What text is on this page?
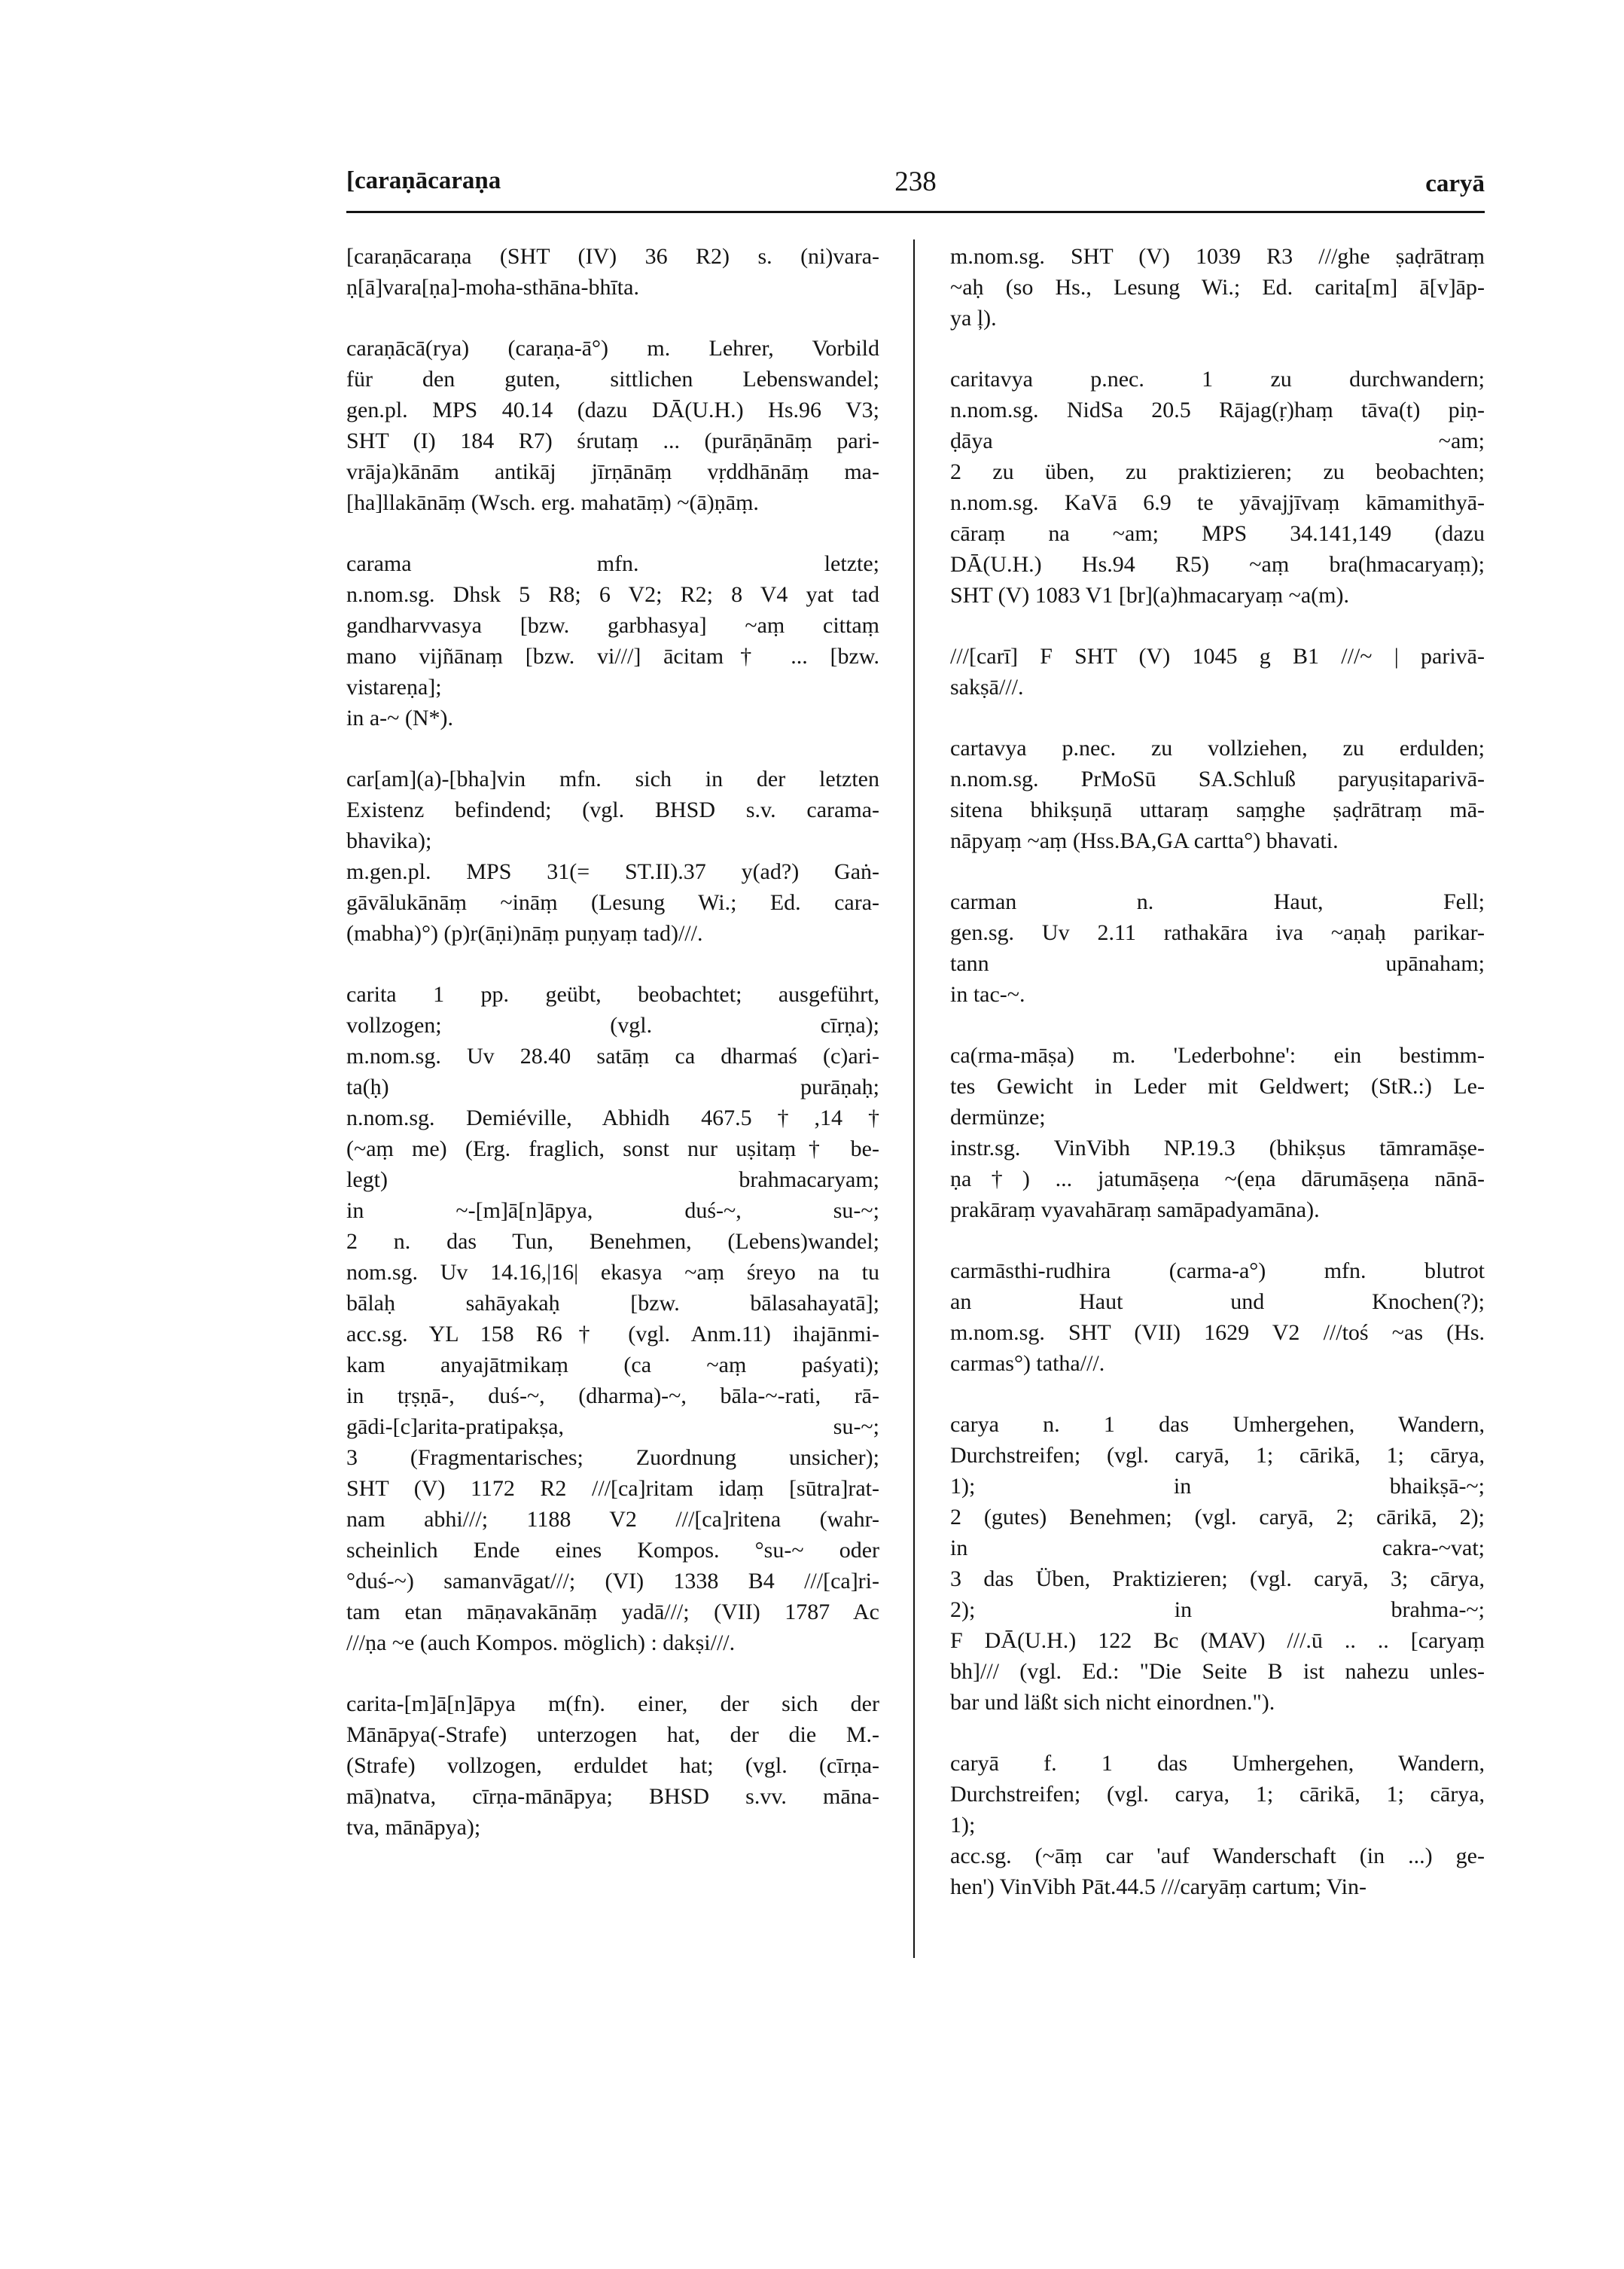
[caraṇācaraṇa	238	caryā
[caraṇācaraṇa (SHT (IV) 36 R2) s. (ni)vara-
ṇ[ā]vara[ṇa]-moha-sthāna-bhīta.
caraṇācā(rya) (caraṇa-ā°) m. Lehrer, Vorbild
für den guten, sittlichen Lebenswandel;
gen.pl. MPS 40.14 (dazu DĀ(U.H.) Hs.96 V3;
SHT (I) 184 R7) śrutaṃ ... (purāṇānāṃ pari-
vrāja)kānām antikāj jīrṇānāṃ vṛddhānāṃ ma-
[ha]llakānāṃ (Wsch. erg. mahatāṃ) ~(ā)ṇāṃ.
carama mfn. letzte;
n.nom.sg. Dhsk 5 R8; 6 V2; R2; 8 V4 yat tad
gandharvvasya [bzw. garbhasya] ~aṃ cittaṃ
mano vijñānaṃ [bzw. vi///] ācitam† ... [bzw.
vistareṇa];
in a-~ (N*).
car[am](a)-[bha]vin mfn. sich in der letzten
Existenz befindend; (vgl. BHSD s.v. carama-
bhavika);
m.gen.pl. MPS 31(= ST.II).37 y(ad?) Gaṅ-
gāvālukānāṃ ~ināṃ (Lesung Wi.; Ed. cara-
(mabha)°) (p)r(āṇi)nāṃ puṇyaṃ tad)///.
carita 1 pp. geübt, beobachtet; ausgeführt,
vollzogen; (vgl. cīrṇa);
m.nom.sg. Uv 28.40 satāṃ ca dharmaś (c)ari-
ta(ḥ) purāṇaḥ;
n.nom.sg. Demiéville, Abhidh 467.5†,14†
(~aṃ me) (Erg. fraglich, sonst nur uṣitaṃ† be-
legt) brahmacaryam;
in ~-[m]ā[n]āpya, duś-~, su-~;
2 n. das Tun, Benehmen, (Lebens)wandel;
nom.sg. Uv 14.16,|16| ekasya ~aṃ śreyo na tu
bālaḥ sahāyakaḥ [bzw. bālasahayatā];
acc.sg. YL 158 R6† (vgl. Anm.11) ihajānmi-
kam anyajātmikaṃ (ca ~aṃ paśyati);
in tṛṣṇā-, duś-~, (dharma)-~, bāla-~-rati, rā-
gādi-[c]arita-pratipakṣa, su-~;
3 (Fragmentarisches; Zuordnung unsicher);
SHT (V) 1172 R2 ///[ca]ritam idaṃ [sūtra]rat-
nam abhi///; 1188 V2 ///[ca]ritena (wahr-
scheinlich Ende eines Kompos. °su-~ oder
°duś-~) samanvāgat///; (VI) 1338 B4 ///[ca]ri-
tam etan māṇavakānāṃ yadā///; (VII) 1787 Ac
///ṇa ~e (auch Kompos. möglich) : dakṣi///.
carita-[m]ā[n]āpya m(fn). einer, der sich der
Mānāpya(-Strafe) unterzogen hat, der die M.-
(Strafe) vollzogen, erduldet hat; (vgl. (cīrṇa-
mā)natva, cīrṇa-mānāpya; BHSD s.vv. māna-
tva, mānāpya);
m.nom.sg. SHT (V) 1039 R3 ///ghe ṣaḍrātraṃ
~aḥ (so Hs., Lesung Wi.; Ed. carita[m] ā[v]āp-
ya ļ).
caritavya p.nec. 1 zu durchwandern;
n.nom.sg. NidSa 20.5 Rājag(ṛ)haṃ tāva(t) piṇ-
ḍāya ~am;
2 zu üben, zu praktizieren; zu beobachten;
n.nom.sg. KaVā 6.9 te yāvajjīvaṃ kāmamithyā-
cāraṃ na ~am; MPS 34.141,149 (dazu
DĀ(U.H.) Hs.94 R5) ~aṃ bra(hmacaryaṃ);
SHT (V) 1083 V1 [br](a)hmacaryaṃ ~a(m).
///[carī] F SHT (V) 1045 g B1 ///~ | parivā-
sakṣā///.
cartavya p.nec. zu vollziehen, zu erdulden;
n.nom.sg. PrMoSū SA.Schluß paryuṣitaparivā-
sitena bhikṣuṇā uttaraṃ saṃghe ṣaḍrātraṃ mā-
nāpyaṃ ~aṃ (Hss.BA,GA cartta°) bhavati.
carman n. Haut, Fell;
gen.sg. Uv 2.11 rathakāra iva ~aṇaḥ parikar-
tann upānaham;
in tac-~.
ca(rma-māṣa) m. 'Lederbohne': ein bestimm-
tes Gewicht in Leder mit Geldwert; (StR.:) Le-
dermünze;
instr.sg. VinVibh NP.19.3 (bhikṣus tāmramāṣe-
ṇa†) ... jatumāṣeṇa ~(eṇa dārumāṣeṇa nānā-
prakāraṃ vyavahāraṃ samāpadyamāna).
carmāsthi-rudhira (carma-a°) mfn. blutrot
an Haut und Knochen(?);
m.nom.sg. SHT (VII) 1629 V2 ///toś ~as (Hs.
carmas°) tatha///.
carya n. 1 das Umhergehen, Wandern,
Durchstreifen; (vgl. caryā, 1; cārikā, 1; cārya,
1); in bhaikṣā-~;
2 (gutes) Benehmen; (vgl. caryā, 2; cārikā, 2);
in cakra-~vat;
3 das Üben, Praktizieren; (vgl. caryā, 3; cārya,
2); in brahma-~;
F DĀ(U.H.) 122 Bc (MAV) ///.ū .. .. [caryaṃ
bh]/// (vgl. Ed.: "Die Seite B ist nahezu unles-
bar und läßt sich nicht einordnen.").
caryā f. 1 das Umhergehen, Wandern,
Durchstreifen; (vgl. carya, 1; cārikā, 1; cārya,
1);
acc.sg. (~āṃ car 'auf Wanderschaft (in ...) ge-
hen') VinVibh Pāt.44.5 ///caryāṃ cartum; Vin-
